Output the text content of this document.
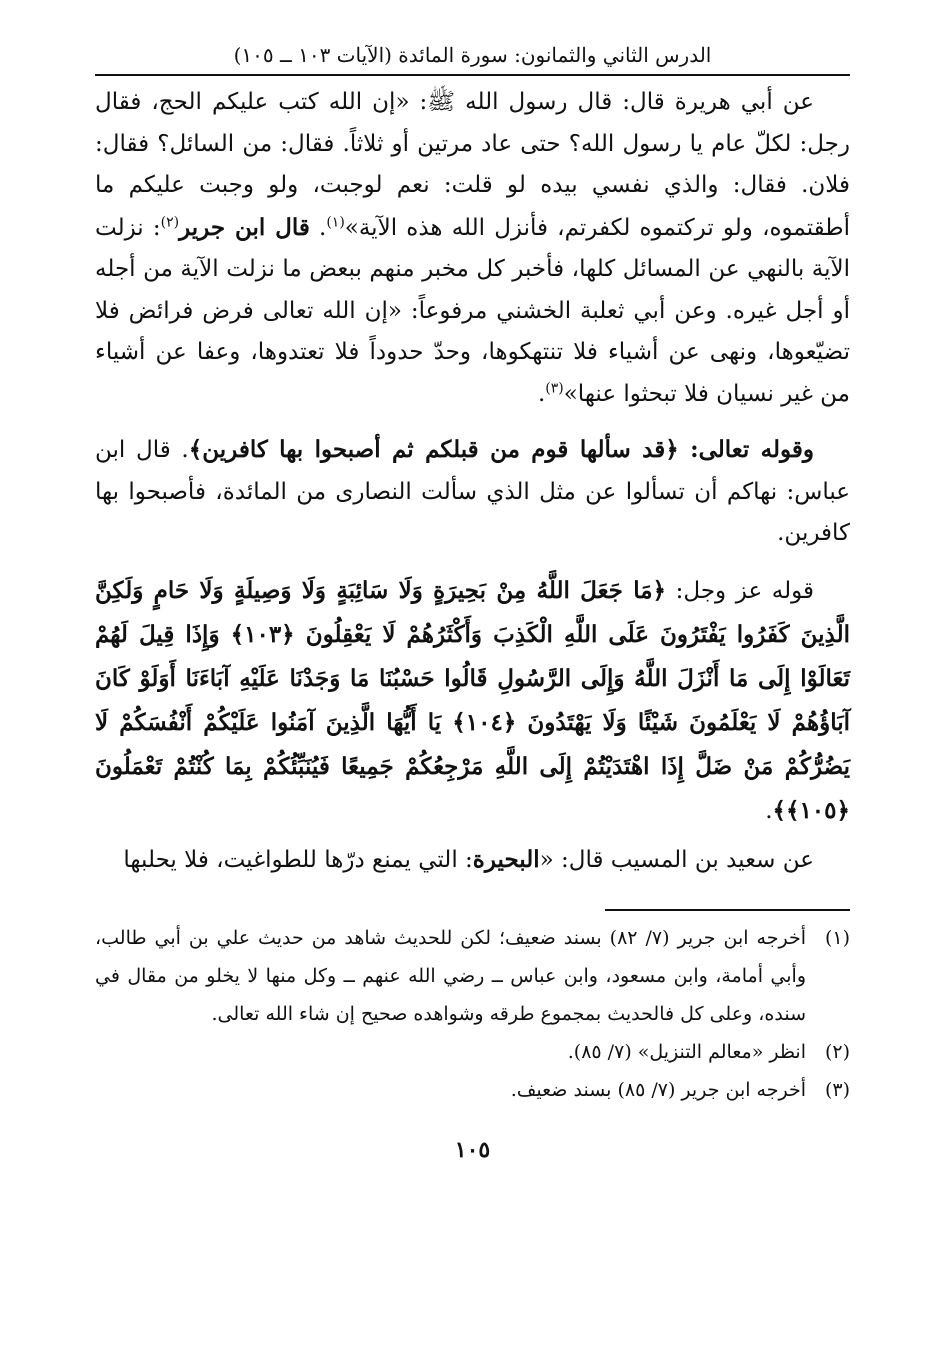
الدرس الثاني والثمانون: سورة المائدة (الآيات ١٠٣ ــ ١٠٥)

عن أبي هريرة قال: قال رسول الله ﷺ: «إن الله كتب عليكم الحج، فقال رجل: لكلّ عام يا رسول الله؟ حتى عاد مرتين أو ثلاثاً. فقال: من السائل؟ فقال: فلان. فقال: والذي نفسي بيده لو قلت: نعم لوجبت، ولو وجبت عليكم ما أطقتموه، ولو تركتموه لكفرتم، فأنزل الله هذه الآية»$^{(١)}$. قال ابن جرير$^{(٢)}$: نزلت الآية بالنهي عن المسائل كلها، فأخبر كل مخبر منهم ببعض ما نزلت الآية من أجله أو أجل غيره. وعن أبي ثعلبة الخشني مرفوعاً: «إن الله تعالى فرض فرائض فلا تضيّعوها، ونهى عن أشياء فلا تنتهكوها، وحدّ حدوداً فلا تعتدوها، وعفا عن أشياء من غير نسيان فلا تبحثوا عنها»$^{(٣)}$.

وقوله تعالى: ﴿قد سألها قوم من قبلكم ثم أصبحوا بها كافرين﴾. قال ابن عباس: نهاكم أن تسألوا عن مثل الذي سألت النصارى من المائدة، فأصبحوا بها كافرين.

قوله عز وجل: ﴿مَا جَعَلَ اللَّهُ مِنْ بَحِيرَةٍ وَلَا سَائِبَةٍ وَلَا وَصِيلَةٍ وَلَا حَامٍ وَلَكِنَّ الَّذِينَ كَفَرُوا يَفْتَرُونَ عَلَى اللَّهِ الْكَذِبَ وَأَكْثَرُهُمْ لَا يَعْقِلُونَ ﴿١٠٣﴾ وَإِذَا قِيلَ لَهُمْ تَعَالَوْا إِلَى مَا أَنْزَلَ اللَّهُ وَإِلَى الرَّسُولِ قَالُوا حَسْبُنَا مَا وَجَدْنَا عَلَيْهِ آبَاءَنَا أَوَلَوْ كَانَ آبَاؤُهُمْ لَا يَعْلَمُونَ شَيْئًا وَلَا يَهْتَدُونَ ﴿١٠٤﴾ يَا أَيُّهَا الَّذِينَ آمَنُوا عَلَيْكُمْ أَنْفُسَكُمْ لَا يَضُرُّكُمْ مَنْ ضَلَّ إِذَا اهْتَدَيْتُمْ إِلَى اللَّهِ مَرْجِعُكُمْ جَمِيعًا فَيُنَبِّئُكُمْ بِمَا كُنْتُمْ تَعْمَلُونَ ﴿١٠٥﴾﴾.

عن سعيد بن المسيب قال: «البحيرة: التي يمنع درّها للطواغيت، فلا يحلبها

(١)
أخرجه ابن جرير (٧/ ٨٢) بسند ضعيف؛ لكن للحديث شاهد من حديث علي بن أبي طالب، وأبي أمامة، وابن مسعود، وابن عباس ــ رضي الله عنهم ــ وكل منها لا يخلو من مقال في سنده، وعلى كل فالحديث بمجموع طرقه وشواهده صحيح إن شاء الله تعالى.
(٢)
انظر «معالم التنزيل» (٧/ ٨٥).
(٣)
أخرجه ابن جرير (٧/ ٨٥) بسند ضعيف.
١٠٥
